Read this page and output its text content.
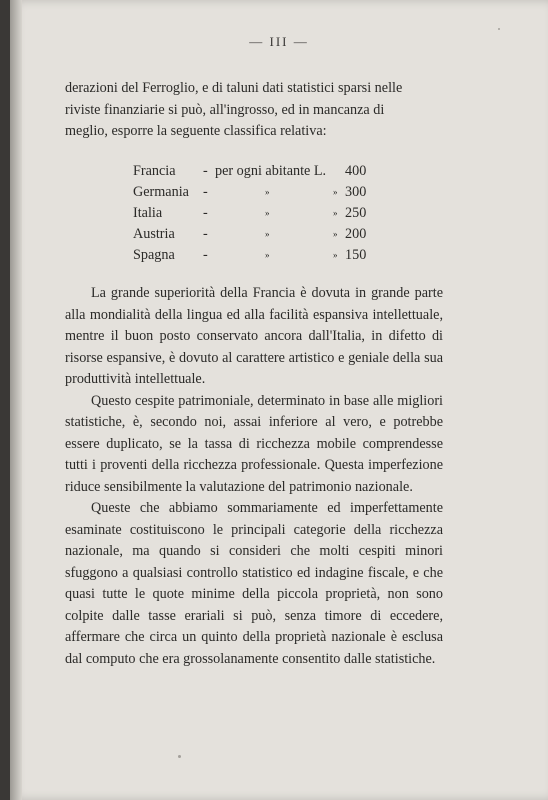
— III —

derazioni del Ferroglio, e di taluni dati statistici sparsi nelle

riviste finanziarie si può, all'ingrosso, ed in mancanza di

meglio, esporre la seguente classifica relativa:

Francia - per ogni abitante L. 400
Germania -	»	» 300
Italia	-	»	» 250
Austria -	»	» 200
Spagna -	»	» 150

La grande superiorità della Francia è dovuta in grande parte alla mondialità della lingua ed alla facilità espansiva intellettuale, mentre il buon posto conservato ancora dall'Italia, in difetto di risorse espansive, è dovuto al carattere artistico e geniale della sua produttività intellettuale.

Questo cespite patrimoniale, determinato in base alle migliori statistiche, è, secondo noi, assai inferiore al vero, e potrebbe essere duplicato, se la tassa di ricchezza mobile comprendesse tutti i proventi della ricchezza professionale. Questa imperfezione riduce sensibilmente la valutazione del patrimonio nazionale.

Queste che abbiamo sommariamente ed imperfettamente esaminate costituiscono le principali categorie della ricchezza nazionale, ma quando si consideri che molti cespiti minori sfuggono a qualsiasi controllo statistico ed indagine fiscale, e che quasi tutte le quote minime della piccola proprietà, non sono colpite dalle tasse erariali si può, senza timore di eccedere, affermare che circa un quinto della proprietà nazionale è esclusa dal computo che era grossolanamente consentito dalle statistiche.
